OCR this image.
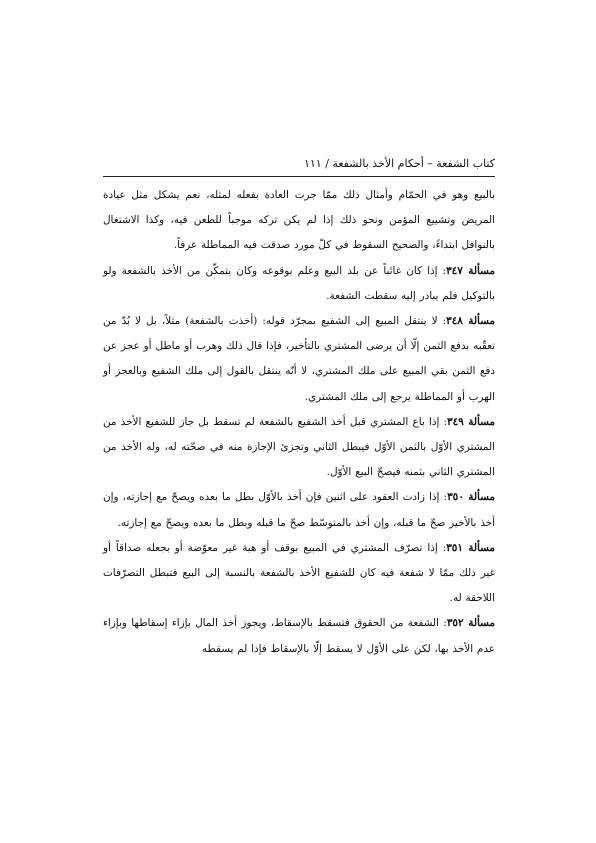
كتاب الشفعة – أحكام الأخذ بالشفعة / ١١١

بالبيع وهو في الحمّام وأمثال ذلك ممّا جرت العادة بفعله لمثله، نعم يشكل مثل عيادة المريض وتشييع المؤمن ونحو ذلك إذا لم يكن تركه موجباً للطعن فيه، وكذا الاشتغال بالنوافل ابتداءً، والصحيح السقوط في كلّ مورد صدقت فيه المماطلة عرفاً.

مسألة ٣٤٧: إذا كان غائباً عن بلد البيع وعلم بوقوعه وكان يتمكّن من الأخذ بالشفعة ولو بالتوكيل فلم يبادر إليه سقطت الشفعة.

مسألة ٣٤٨: لا ينتقل المبيع إلى الشفيع بمجرّد قوله: (أخذت بالشفعة) مثلاً، بل لا بُدّ من تعقّبه بدفع الثمن إلّا أن يرضى المشتري بالتأخير، فإذا قال ذلك وهرب أو ماطل أو عجز عن دفع الثمن بقي المبيع على ملك المشتري، لا أنّه ينتقل بالقول إلى ملك الشفيع وبالعجز أو الهرب أو المماطلة يرجع إلى ملك المشتري.

مسألة ٣٤٩: إذا باع المشتري قبل أخذ الشفيع بالشفعة لم تسقط بل جاز للشفيع الأخذ من المشتري الأوّل بالثمن الأوّل فيبطل الثاني وتجزئ الإجازة منه في صحّته له، وله الأخذ من المشتري الثاني بثمنه فيصحّ البيع الأوّل.

مسألة ٣٥٠: إذا زادت العقود على اثنين فإن أخذ بالأوّل بطل ما بعده ويصحّ مع إجازته، وإن أخذ بالأخير صحّ ما قبله، وإن أخذ بالمتوسّط صحّ ما قبله وبطل ما بعده ويصحّ مع إجازته.

مسألة ٣٥١: إذا تصرّف المشتري في المبيع بوقف أو هبة غير معوّضة أو بجعله صداقاً أو غير ذلك ممّا لا شفعة فيه كان للشفيع الأخذ بالشفعة بالنسبة إلى البيع فتبطل التصرّفات اللاحقة له.

مسألة ٣٥٢: الشفعة من الحقوق فتسقط بالإسقاط، ويجوز أخذ المال بإزاء إسقاطها وبإزاء عدم الأخذ بها، لكن على الأوّل لا يسقط إلّا بالإسقاط فإذا لم يسقطه
